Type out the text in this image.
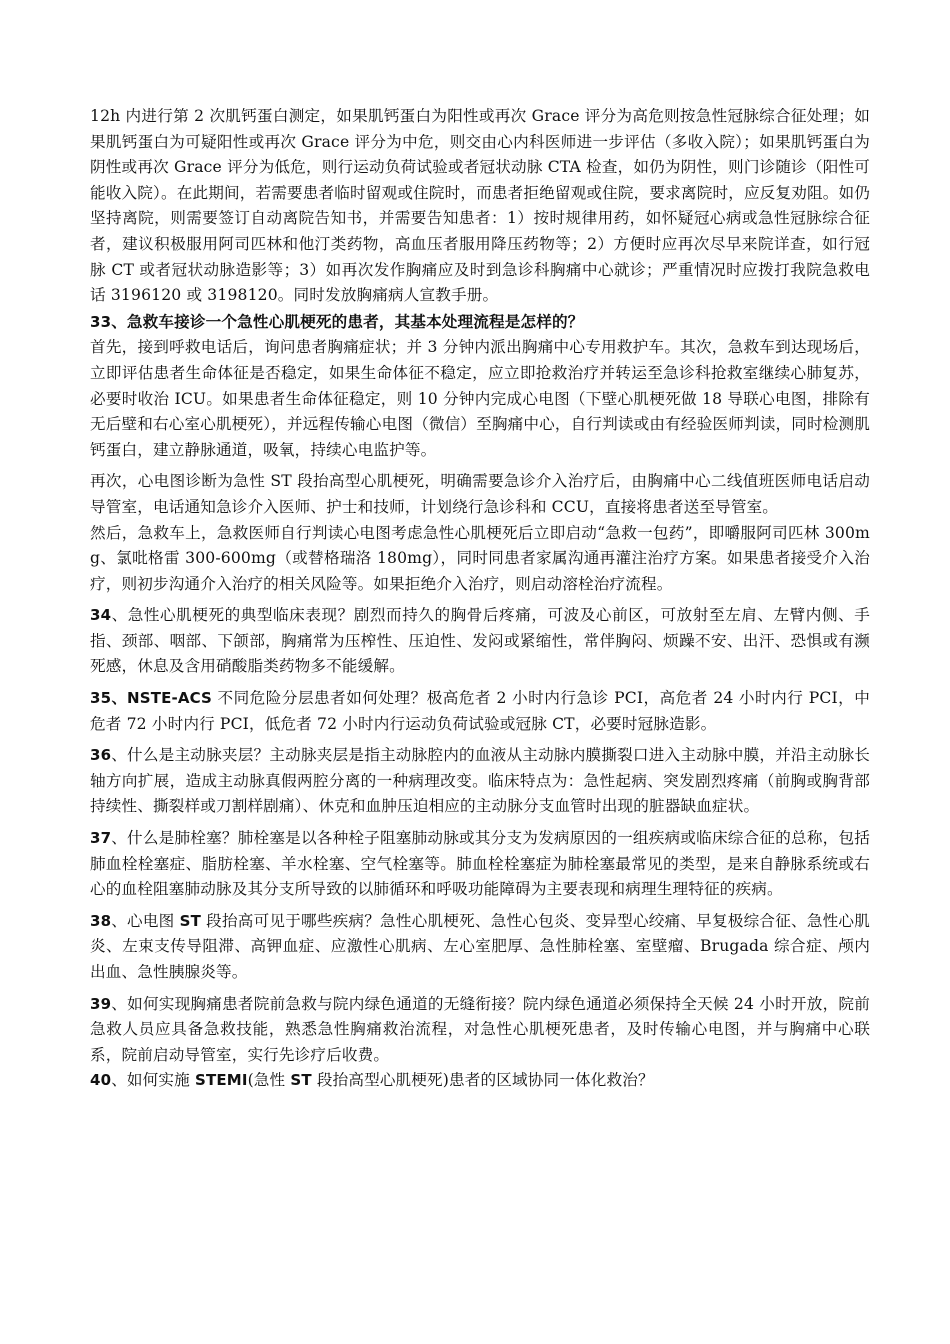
12h 内进行第 2 次肌钙蛋白测定，如果肌钙蛋白为阳性或再次 Grace 评分为高危则按急性冠脉综合征处理；如果肌钙蛋白为可疑阳性或再次 Grace 评分为中危，则交由心内科医师进一步评估（多收入院）；如果肌钙蛋白为阴性或再次 Grace 评分为低危，则行运动负荷试验或者冠状动脉 CTA 检查，如仍为阴性，则门诊随诊（阳性可能收入院）。在此期间，若需要患者临时留观或住院时，而患者拒绝留观或住院，要求离院时，应反复劝阻。如仍坚持离院，则需要签订自动离院告知书，并需要告知患者：1）按时规律用药，如怀疑冠心病或急性冠脉综合征者，建议积极服用阿司匹林和他汀类药物，高血压者服用降压药物等；2）方便时应再次尽早来院详查，如行冠脉 CT 或者冠状动脉造影等；3）如再次发作胸痛应及时到急诊科胸痛中心就诊；严重情况时应拨打我院急救电话 3196120 或 3198120。同时发放胸痛病人宣教手册。

33、急救车接诊一个急性心肌梗死的患者，其基本处理流程是怎样的？

首先，接到呼救电话后，询问患者胸痛症状；并 3 分钟内派出胸痛中心专用救护车。其次，急救车到达现场后，立即评估患者生命体征是否稳定，如果生命体征不稳定，应立即抢救治疗并转运至急诊科抢救室继续心肺复苏，必要时收治 ICU。如果患者生命体征稳定，则 10 分钟内完成心电图（下壁心肌梗死做 18 导联心电图，排除有无后壁和右心室心肌梗死），并远程传输心电图（微信）至胸痛中心，自行判读或由有经验医师判读，同时检测肌钙蛋白，建立静脉通道，吸氧，持续心电监护等。

再次，心电图诊断为急性 ST 段抬高型心肌梗死，明确需要急诊介入治疗后，由胸痛中心二线值班医师电话启动导管室，电话通知急诊介入医师、护士和技师，计划绕行急诊科和 CCU，直接将患者送至导管室。

然后，急救车上，急救医师自行判读心电图考虑急性心肌梗死后立即启动“急救一包药”，即嚼服阿司匹林 300mg、氯吡格雷 300-600mg（或替格瑞洛 180mg），同时同患者家属沟通再灌注治疗方案。如果患者接受介入治疗，则初步沟通介入治疗的相关风险等。如果拒绝介入治疗，则启动溶栓治疗流程。

34、急性心肌梗死的典型临床表现？剧烈而持久的胸骨后疼痛，可波及心前区，可放射至左肩、左臂内侧、手指、颈部、咽部、下颌部，胸痛常为压榨性、压迫性、发闷或紧缩性，常伴胸闷、烦躁不安、出汗、恐惧或有濒死感，休息及含用硝酸脂类药物多不能缓解。

35、NSTE-ACS 不同危险分层患者如何处理？极高危者 2 小时内行急诊 PCI，高危者 24 小时内行 PCI，中危者 72 小时内行 PCI，低危者 72 小时内行运动负荷试验或冠脉 CT，必要时冠脉造影。

36、什么是主动脉夹层？主动脉夹层是指主动脉腔内的血液从主动脉内膜撕裂口进入主动脉中膜，并沿主动脉长轴方向扩展，造成主动脉真假两腔分离的一种病理改变。临床特点为：急性起病、突发剧烈疼痛（前胸或胸背部持续性、撕裂样或刀割样剧痛）、休克和血肿压迫相应的主动脉分支血管时出现的脏器缺血症状。

37、什么是肺栓塞？肺栓塞是以各种栓子阻塞肺动脉或其分支为发病原因的一组疾病或临床综合征的总称，包括肺血栓栓塞症、脂肪栓塞、羊水栓塞、空气栓塞等。肺血栓栓塞症为肺栓塞最常见的类型，是来自静脉系统或右心的血栓阻塞肺动脉及其分支所导致的以肺循环和呼吸功能障碍为主要表现和病理生理特征的疾病。

38、心电图 ST 段抬高可见于哪些疾病？急性心肌梗死、急性心包炎、变异型心绞痛、早复极综合征、急性心肌炎、左束支传导阻滞、高钾血症、应激性心肌病、左心室肥厚、急性肺栓塞、室壁瘤、Brugada 综合症、颅内出血、急性胰腺炎等。

39、如何实现胸痛患者院前急救与院内绿色通道的无缝衔接？院内绿色通道必须保持全天候 24 小时开放，院前急救人员应具备急救技能，熟悉急性胸痛救治流程，对急性心肌梗死患者，及时传输心电图，并与胸痛中心联系，院前启动导管室，实行先诊疗后收费。

40、如何实施 STEMI(急性 ST 段抬高型心肌梗死)患者的区域协同一体化救治？
